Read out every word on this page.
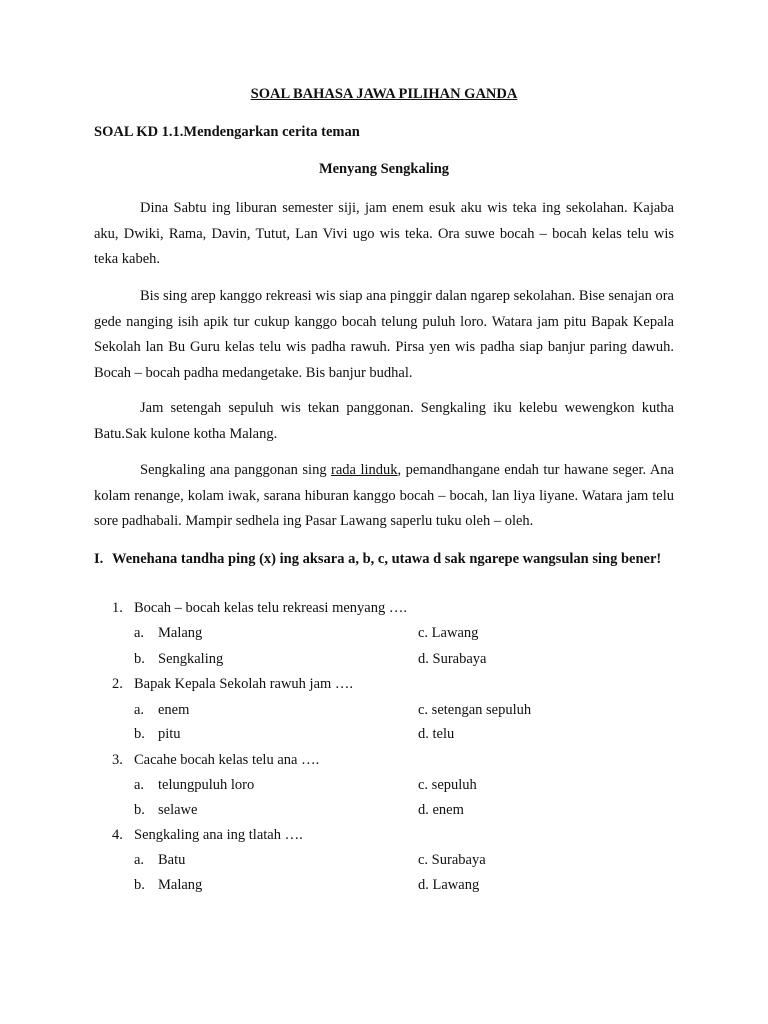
SOAL BAHASA JAWA PILIHAN GANDA
SOAL KD 1.1.Mendengarkan cerita teman
Menyang Sengkaling
Dina Sabtu ing liburan semester siji, jam enem esuk aku wis teka ing sekolahan. Kajaba aku, Dwiki, Rama, Davin, Tutut, Lan Vivi ugo wis teka. Ora suwe bocah – bocah kelas telu wis teka kabeh.
Bis sing arep kanggo rekreasi wis siap ana pinggir dalan ngarep sekolahan. Bise senajan ora gede nanging isih apik tur cukup kanggo bocah telung puluh loro. Watara jam pitu Bapak Kepala Sekolah lan Bu Guru kelas telu wis padha rawuh. Pirsa yen wis padha siap banjur paring dawuh. Bocah – bocah padha medangetake. Bis banjur budhal.
Jam setengah sepuluh wis tekan panggonan. Sengkaling iku kelebu wewengkon kutha Batu.Sak kulone kotha Malang.
Sengkaling ana panggonan sing rada linduk, pemandhangane endah tur hawane seger. Ana kolam renange, kolam iwak, sarana hiburan kanggo bocah – bocah, lan liya liyane. Watara jam telu sore padhabali. Mampir sedhela ing Pasar Lawang saperlu tuku oleh – oleh.
I. Wenehana tandha ping (x) ing aksara a, b, c, utawa d sak ngarepe wangsulan sing bener!
1. Bocah – bocah kelas telu rekreasi menyang ….
a. Malang	c. Lawang
b. Sengkaling	d. Surabaya
2. Bapak Kepala Sekolah rawuh jam ….
a. enem	c. setengan sepuluh
b. pitu	d. telu
3. Cacahe bocah kelas telu ana ….
a. telungpuluh loro	c. sepuluh
b. selawe	d. enem
4. Sengkaling ana ing tlatah ….
a. Batu	c. Surabaya
b. Malang	d. Lawang
